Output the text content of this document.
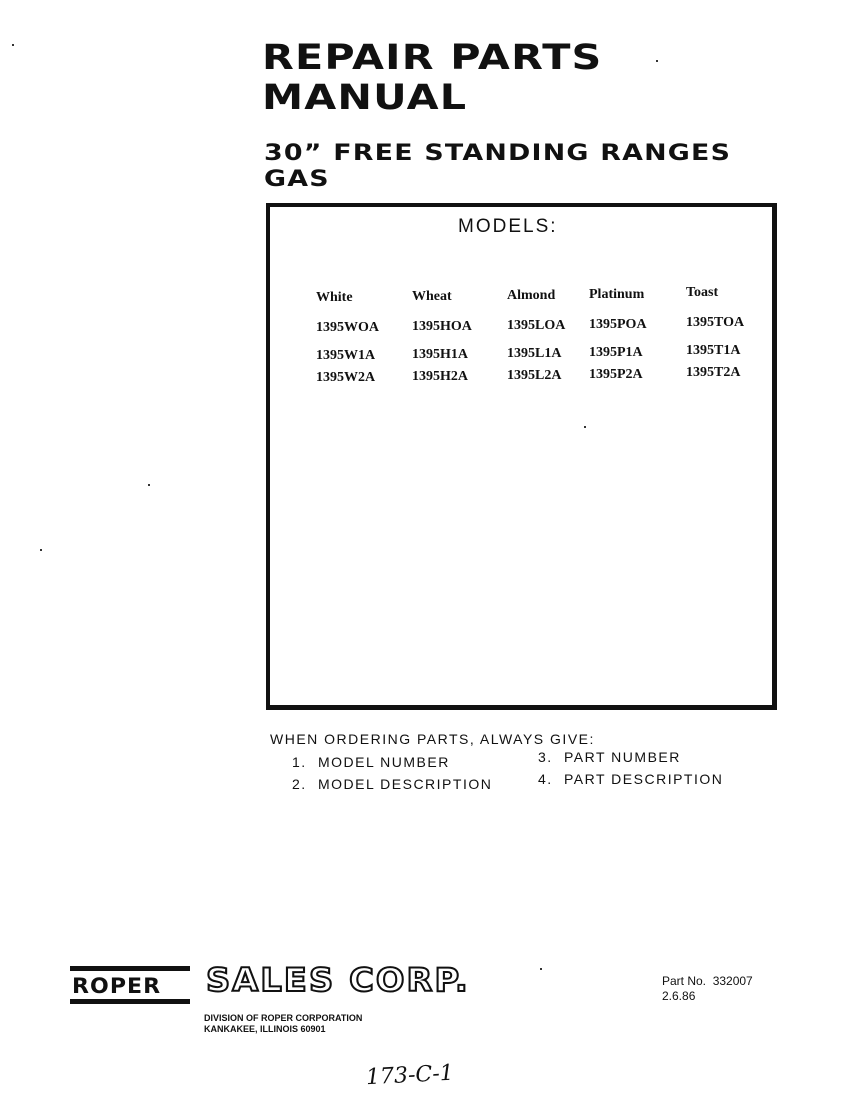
REPAIR PARTS
MANUAL
30” FREE STANDING RANGES
GAS
MODELS:
White
1395WOA
1395W1A
1395W2A
Wheat
1395HOA
1395H1A
1395H2A
Almond
1395LOA
1395L1A
1395L2A
Platinum
1395POA
1395P1A
1395P2A
Toast
1395TOA
1395T1A
1395T2A
WHEN ORDERING PARTS, ALWAYS GIVE:
1. MODEL NUMBER
2. MODEL DESCRIPTION
3. PART NUMBER
4. PART DESCRIPTION
ROPER SALES CORP.
DIVISION OF ROPER CORPORATION
KANKAKEE, ILLINOIS 60901
Part No. 332007
2.6.86
173-C-1
